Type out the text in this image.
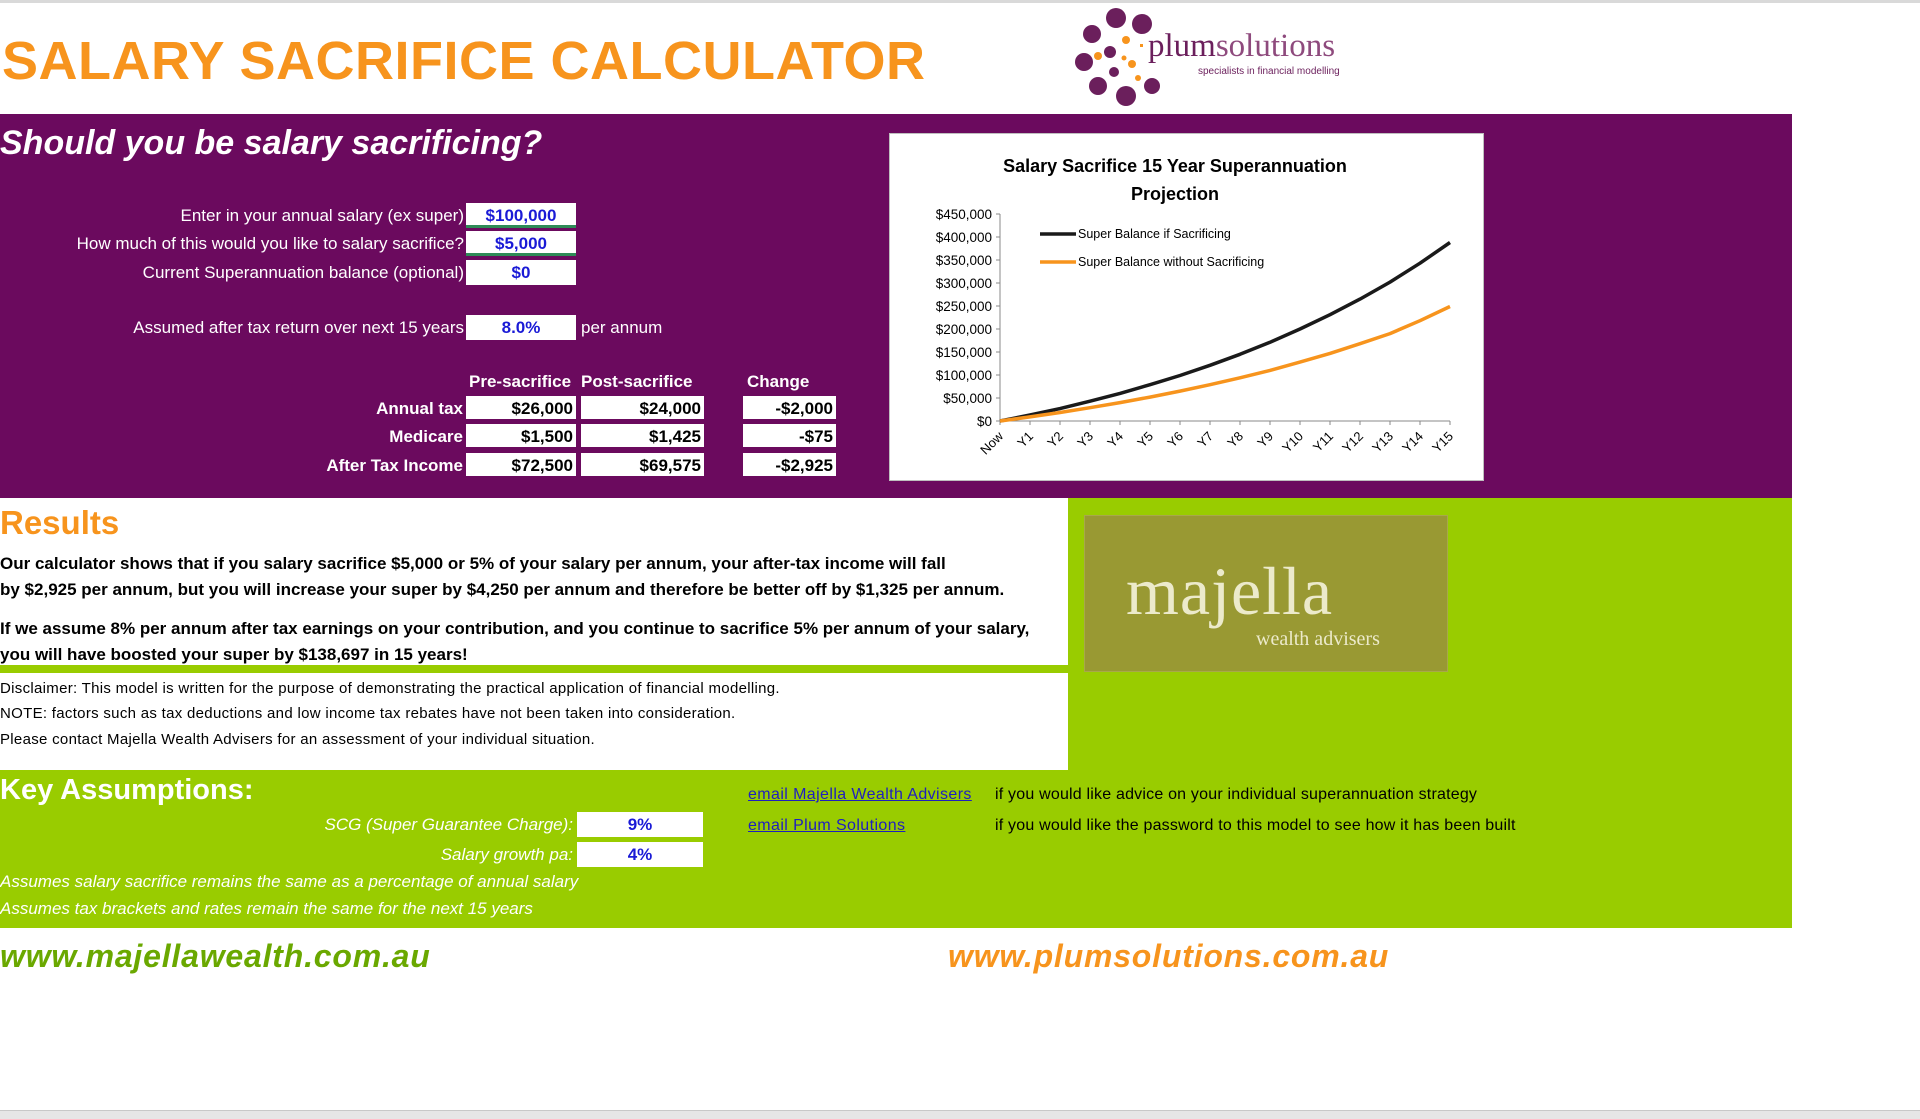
SALARY SACRIFICE CALCULATOR	plumsolutions
specialists in financial modelling
Should you be salary sacrificing?
Enter in your annual salary (ex super)	$100,000
How much of this would you like to salary sacrifice?	$5,000
Current Superannuation balance (optional)	$0
Assumed after tax return over next 15 years	8.0%	per annum
Pre-sacrifice Post-sacrifice	Change
Annual tax	$26,000	$24,000	-$2,000
Medicare	$1,500	$1,425	-$75
After Tax Income	$72,500	$69,575	-$2,925
Salary Sacrifice 15 Year Superannuation
Projection
$0
$50,000
$100,000
$150,000
$200,000
$250,000
$300,000
$350,000
$400,000
$450,000
Now Y1 Y2 Y3 Y4 Y5 Y6 Y7 Y8 Y9 Y10 Y11 Y12 Y13 Y14 Y15
Super Balance if Sacrificing
Super Balance without Sacrificing
Results
Our calculator shows that if you salary sacrifice $5,000 or 5% of your salary per annum, your after-tax income will fall
by $2,925 per annum, but you will increase your super by $4,250 per annum and therefore be better off by $1,325 per annum.
If we assume 8% per annum after tax earnings on your contribution, and you continue to sacrifice 5% per annum of your salary,
you will have boosted your super by $138,697 in 15 years!
Disclaimer: This model is written for the purpose of demonstrating the practical application of financial modelling.
NOTE: factors such as tax deductions and low income tax rebates have not been taken into consideration.
Please contact Majella Wealth Advisers for an assessment of your individual situation.
majella
wealth advisers
Key Assumptions:
SCG (Super Guarantee Charge):	9%
Salary growth pa:	4%
Assumes salary sacrifice remains the same as a percentage of annual salary
Assumes tax brackets and rates remain the same for the next 15 years
email Majella Wealth Advisers if you would like advice on your individual superannuation strategy
email Plum Solutions	if you would like the password to this model to see how it has been built
www.majellawealth.com.au	www.plumsolutions.com.au
